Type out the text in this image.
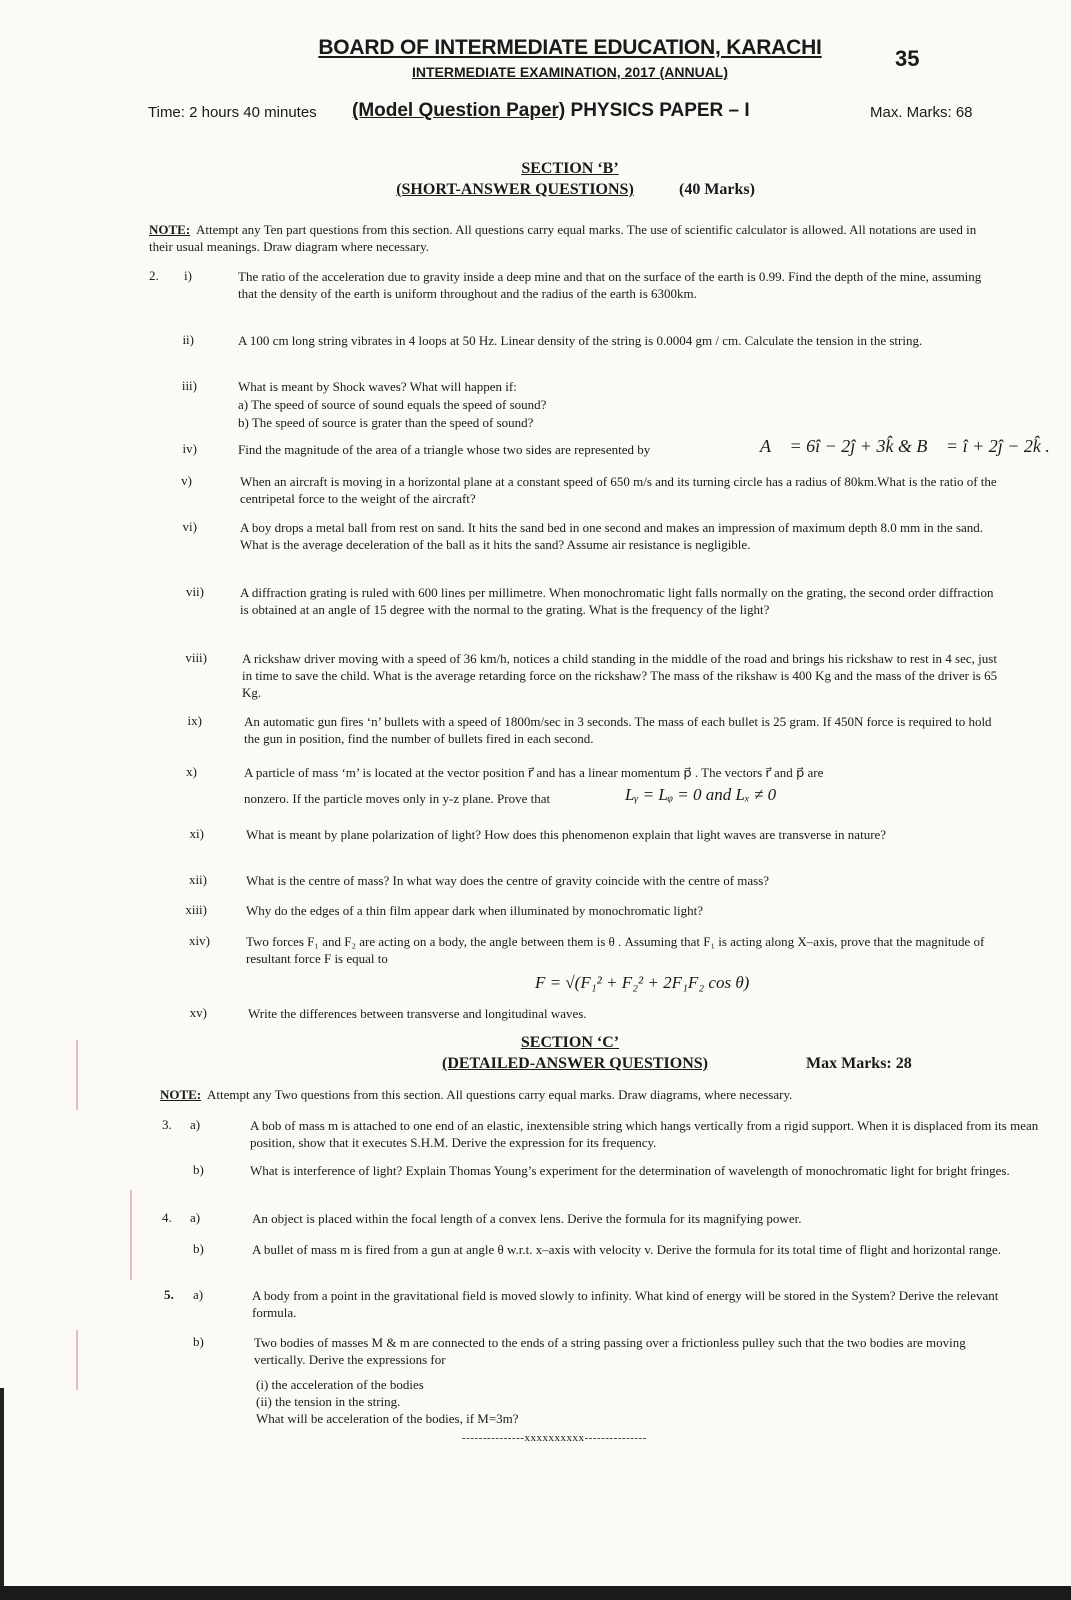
BOARD OF INTERMEDIATE EDUCATION, KARACHI
INTERMEDIATE EXAMINATION, 2017 (ANNUAL)
35
Time: 2 hours 40 minutes (Model Question Paper) PHYSICS PAPER – I	Max. Marks: 68
SECTION ‘B’
(SHORT-ANSWER QUESTIONS)	(40 Marks)
NOTE: Attempt any Ten part questions from this section. All questions carry equal marks. The use of scientific calculator is allowed. All notations are used in their usual meanings. Draw diagram where necessary.
2.	i)	The ratio of the acceleration due to gravity inside a deep mine and that on the surface of the earth is 0.99. Find the depth of the mine, assuming that the density of the earth is uniform throughout and the radius of the earth is 6300km.
ii)	A 100 cm long string vibrates in 4 loops at 50 Hz. Linear density of the string is 0.0004 gm / cm. Calculate the tension in the string.
iii)	What is meant by Shock waves? What will happen if:
a) The speed of source of sound equals the speed of sound?
b) The speed of source is grater than the speed of sound?
iv)	Find the magnitude of the area of a triangle whose two sides are represented by	A⃗ = 6î − 2ĵ + 3k̂ & B⃗ = î + 2ĵ − 2k̂ .
v)	When an aircraft is moving in a horizontal plane at a constant speed of 650 m/s and its turning circle has a radius of 80km.What is the ratio of the centripetal force to the weight of the aircraft?
vi)	A boy drops a metal ball from rest on sand. It hits the sand bed in one second and makes an impression of maximum depth 8.0 mm in the sand. What is the average deceleration of the ball as it hits the sand? Assume air resistance is negligible.
vii)	A diffraction grating is ruled with 600 lines per millimetre. When monochromatic light falls normally on the grating, the second order diffraction is obtained at an angle of 15 degree with the normal to the grating. What is the frequency of the light?
viii)	A rickshaw driver moving with a speed of 36 km/h, notices a child standing in the middle of the road and brings his rickshaw to rest in 4 sec, just in time to save the child. What is the average retarding force on the rickshaw? The mass of the rikshaw is 400 Kg and the mass of the driver is 65 Kg.
ix)	An automatic gun fires ‘n’ bullets with a speed of 1800m/sec in 3 seconds. The mass of each bullet is 25 gram. If 450N force is required to hold the gun in position, find the number of bullets fired in each second.
x)	A particle of mass ‘m’ is located at the vector position r⃗ and has a linear momentum p⃗ . The vectors r⃗ and p⃗ are
nonzero. If the particle moves only in y-z plane. Prove that	Lᵧ = Lᵩ = 0 and Lₓ ≠ 0
xi)	What is meant by plane polarization of light? How does this phenomenon explain that light waves are transverse in nature?
xii)	What is the centre of mass? In what way does the centre of gravity coincide with the centre of mass?
xiii)	Why do the edges of a thin film appear dark when illuminated by monochromatic light?
xiv)	Two forces F₁ and F₂ are acting on a body, the angle between them is θ . Assuming that F₁ is acting along X–axis, prove that the magnitude of resultant force F is equal to
F = √(F₁² + F₂² + 2F₁F₂ cos θ)
xv)	Write the differences between transverse and longitudinal waves.
SECTION ‘C’
(DETAILED-ANSWER QUESTIONS)	Max Marks: 28
NOTE: Attempt any Two questions from this section. All questions carry equal marks. Draw diagrams, where necessary.
3. a)	A bob of mass m is attached to one end of an elastic, inextensible string which hangs vertically from a rigid support. When it is displaced from its mean position, show that it executes S.H.M. Derive the expression for its frequency.
b)	What is interference of light? Explain Thomas Young’s experiment for the determination of wavelength of monochromatic light for bright fringes.
4. a)	An object is placed within the focal length of a convex lens. Derive the formula for its magnifying power.
b)	A bullet of mass m is fired from a gun at angle θ w.r.t. x–axis with velocity v. Derive the formula for its total time of flight and horizontal range.
5. a)	A body from a point in the gravitational field is moved slowly to infinity. What kind of energy will be stored in the System? Derive the relevant formula.
b)	Two bodies of masses M & m are connected to the ends of a string passing over a frictionless pulley such that the two bodies are moving vertically. Derive the expressions for
(i) the acceleration of the bodies
(ii) the tension in the string.
What will be acceleration of the bodies, if M=3m?
---------------xxxxxxxxxx---------------
